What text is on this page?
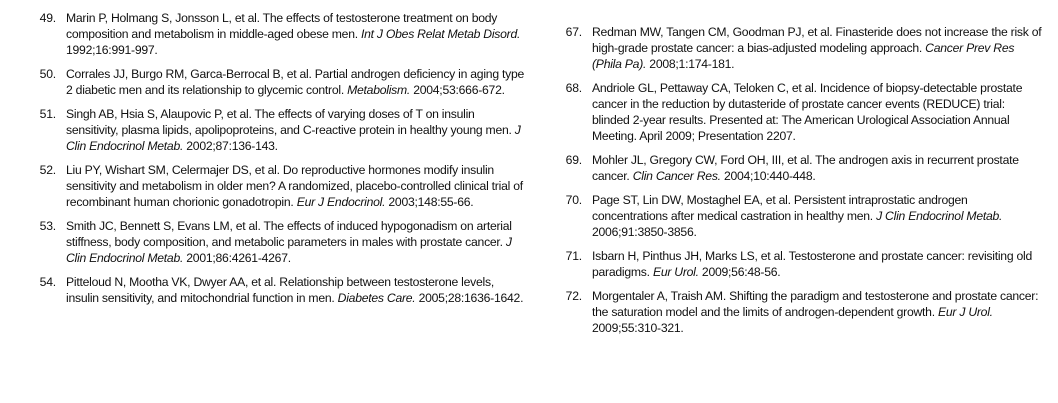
49. Marin P, Holmang S, Jonsson L, et al. The effects of testosterone treatment on body composition and metabolism in middle-aged obese men. Int J Obes Relat Metab Disord. 1992;16:991-997.
50. Corrales JJ, Burgo RM, Garca-Berrocal B, et al. Partial androgen deficiency in aging type 2 diabetic men and its relationship to glycemic control. Metabolism. 2004;53:666-672.
51. Singh AB, Hsia S, Alaupovic P, et al. The effects of varying doses of T on insulin sensitivity, plasma lipids, apolipoproteins, and C-reactive protein in healthy young men. J Clin Endocrinol Metab. 2002;87:136-143.
52. Liu PY, Wishart SM, Celermajer DS, et al. Do reproductive hormones modify insulin sensitivity and metabolism in older men? A randomized, placebo-controlled clinical trial of recombinant human chorionic gonadotropin. Eur J Endocrinol. 2003;148:55-66.
53. Smith JC, Bennett S, Evans LM, et al. The effects of induced hypogonadism on arterial stiffness, body composition, and metabolic parameters in males with prostate cancer. J Clin Endocrinol Metab. 2001;86:4261-4267.
54. Pitteloud N, Mootha VK, Dwyer AA, et al. Relationship between testosterone levels, insulin sensitivity, and mitochondrial function in men. Diabetes Care. 2005;28:1636-1642.
67. Redman MW, Tangen CM, Goodman PJ, et al. Finasteride does not increase the risk of high-grade prostate cancer: a bias-adjusted modeling approach. Cancer Prev Res (Phila Pa). 2008;1:174-181.
68. Andriole GL, Pettaway CA, Teloken C, et al. Incidence of biopsy-detectable prostate cancer in the reduction by dutasteride of prostate cancer events (REDUCE) trial: blinded 2-year results. Presented at: The American Urological Association Annual Meeting. April 2009; Presentation 2207.
69. Mohler JL, Gregory CW, Ford OH, III, et al. The androgen axis in recurrent prostate cancer. Clin Cancer Res. 2004;10:440-448.
70. Page ST, Lin DW, Mostaghel EA, et al. Persistent intraprostatic androgen concentrations after medical castration in healthy men. J Clin Endocrinol Metab. 2006;91:3850-3856.
71. Isbarn H, Pinthus JH, Marks LS, et al. Testosterone and prostate cancer: revisiting old paradigms. Eur Urol. 2009;56:48-56.
72. Morgentaler A, Traish AM. Shifting the paradigm and testosterone and prostate cancer: the saturation model and the limits of androgen-dependent growth. Eur J Urol. 2009;55:310-321.
